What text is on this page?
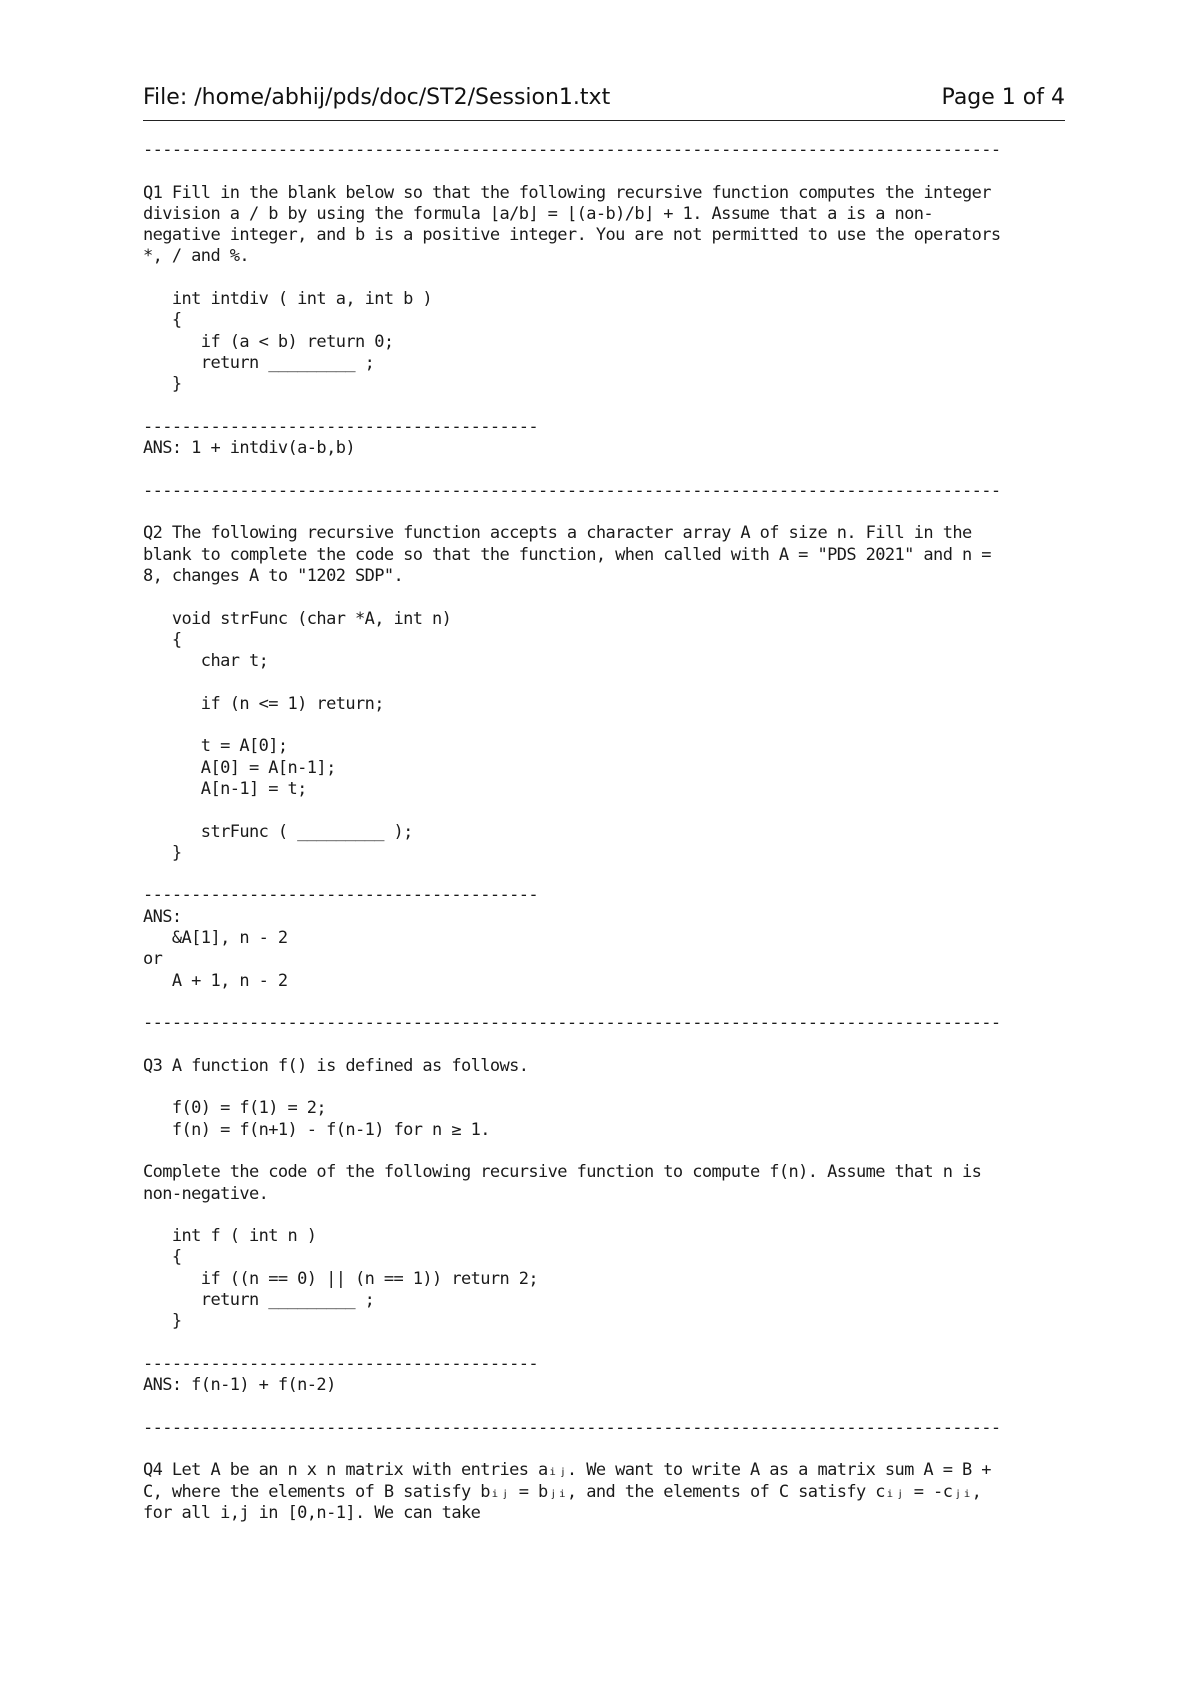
File: /home/abhij/pds/doc/ST2/Session1.txt	Page 1 of 4
-----------------------------------------------------------------------------------------
Q1 Fill in the blank below so that the following recursive function computes the integer
division a / b by using the formula ⌊a/b⌋ = ⌊(a-b)/b⌋ + 1. Assume that a is a non-
negative integer, and b is a positive integer. You are not permitted to use the operators
*, / and %.
int intdiv ( int a, int b )
{
if (a < b) return 0;
return _________ ;
}
-----------------------------------------
ANS: 1 + intdiv(a-b,b)
-----------------------------------------------------------------------------------------
Q2 The following recursive function accepts a character array A of size n. Fill in the
blank to complete the code so that the function, when called with A = "PDS 2021" and n =
8, changes A to "1202 SDP".
void strFunc (char *A, int n)
{
char t;
if (n <= 1) return;
t = A[0];
A[0] = A[n-1];
A[n-1] = t;
strFunc ( _________ );
}
-----------------------------------------
ANS:
&A[1], n - 2
or
A + 1, n - 2
-----------------------------------------------------------------------------------------
Q3 A function f() is defined as follows.
f(0) = f(1) = 2;
f(n) = f(n+1) - f(n-1) for n ≥ 1.
Complete the code of the following recursive function to compute f(n). Assume that n is
non-negative.
int f ( int n )
{
if ((n == 0) || (n == 1)) return 2;
return _________ ;
}
-----------------------------------------
ANS: f(n-1) + f(n-2)
-----------------------------------------------------------------------------------------
Q4 Let A be an n x n matrix with entries aᵢⱼ. We want to write A as a matrix sum A = B +
C, where the elements of B satisfy bᵢⱼ = bⱼᵢ, and the elements of C satisfy cᵢⱼ = -cⱼᵢ,
for all i,j in [0,n-1]. We can take
